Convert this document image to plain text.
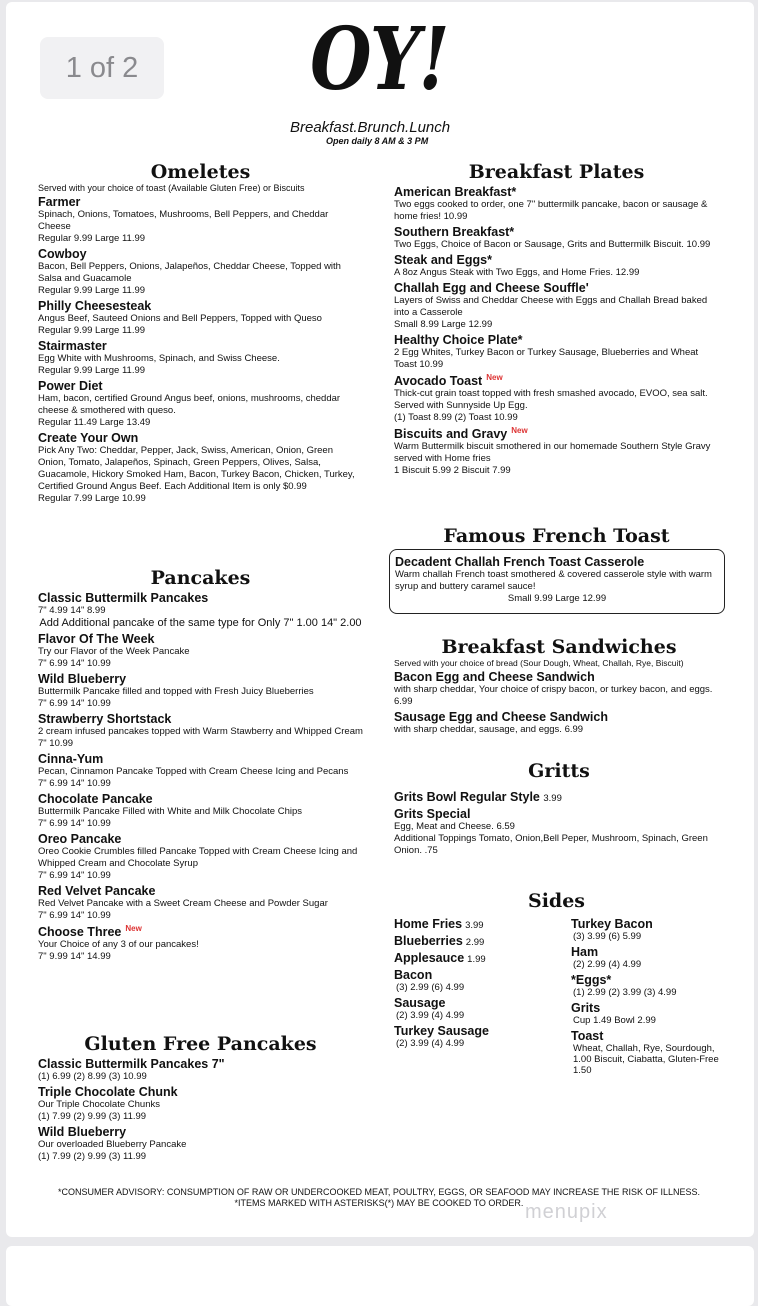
1 of 2	OY!
Breakfast.Brunch.Lunch
Open daily 8 AM & 3 PM
Omeletes

Served with your choice of toast (Available Gluten Free) or Biscuits

Farmer
Spinach, Onions, Tomatoes, Mushrooms, Bell Peppers, and Cheddar Cheese
Regular 9.99 Large 11.99
Cowboy
Bacon, Bell Peppers, Onions, Jalapeños, Cheddar Cheese, Topped with Salsa and Guacamole
Regular 9.99 Large 11.99
Philly Cheesesteak
Angus Beef, Sauteed Onions and Bell Peppers, Topped with Queso
Regular 9.99 Large 11.99
Stairmaster
Egg White with Mushrooms, Spinach, and Swiss Cheese.
Regular 9.99 Large 11.99
Power Diet
Ham, bacon, certified Ground Angus beef, onions, mushrooms, cheddar cheese & smothered with queso.
Regular 11.49 Large 13.49
Create Your Own
Pick Any Two: Cheddar, Pepper, Jack, Swiss, American, Onion, Green Onion, Tomato, Jalapeños, Spinach, Green Peppers, Olives, Salsa, Guacamole, Hickory Smoked Ham, Bacon, Turkey Bacon, Chicken, Turkey, Certified Ground Angus Beef. Each Additional Item is only $0.99
Regular 7.99 Large 10.99
Pancakes
Classic Buttermilk Pancakes
7" 4.99 14" 8.99
Add Additional pancake of the same type for Only 7" 1.00 14" 2.00
Flavor Of The Week
Try our Flavor of the Week Pancake
7" 6.99 14" 10.99
Wild Blueberry
Buttermilk Pancake filled and topped with Fresh Juicy Blueberries
7" 6.99 14" 10.99
Strawberry Shortstack
2 cream infused pancakes topped with Warm Stawberry and Whipped Cream
7" 10.99
Cinna-Yum
Pecan, Cinnamon Pancake Topped with Cream Cheese Icing and Pecans
7" 6.99 14" 10.99
Chocolate Pancake
Buttermilk Pancake Filled with White and Milk Chocolate Chips
7" 6.99 14" 10.99
Oreo Pancake
Oreo Cookie Crumbles filled Pancake Topped with Cream Cheese Icing and Whipped Cream and Chocolate Syrup
7" 6.99 14" 10.99
Red Velvet Pancake
Red Velvet Pancake with a Sweet Cream Cheese and Powder Sugar
7" 6.99 14" 10.99
Choose Three $^{New}$
Your Choice of any 3 of our pancakes!
7" 9.99 14" 14.99
Gluten Free Pancakes
Classic Buttermilk Pancakes 7"
(1) 6.99 (2) 8.99 (3) 10.99
Triple Chocolate Chunk
Our Triple Chocolate Chunks
(1) 7.99 (2) 9.99 (3) 11.99
Wild Blueberry
Our overloaded Blueberry Pancake
(1) 7.99 (2) 9.99 (3) 11.99
Breakfast Plates
American Breakfast*
Two eggs cooked to order, one 7" buttermilk pancake, bacon or sausage & home fries! 10.99
Southern Breakfast*
Two Eggs, Choice of Bacon or Sausage, Grits and Buttermilk Biscuit. 10.99
Steak and Eggs*
A 8oz Angus Steak with Two Eggs, and Home Fries. 12.99
Challah Egg and Cheese Souffle'
Layers of Swiss and Cheddar Cheese with Eggs and Challah Bread baked into a Casserole
Small 8.99 Large 12.99
Healthy Choice Plate*
2 Egg Whites, Turkey Bacon or Turkey Sausage, Blueberries and Wheat Toast 10.99
Avocado Toast $^{New}$
Thick-cut grain toast topped with fresh smashed avocado, EVOO, sea salt. Served with Sunnyside Up Egg.
(1) Toast 8.99 (2) Toast 10.99
Biscuits and Gravy $^{New}$
Warm Buttermilk biscuit smothered in our homemade Southern Style Gravy served with Home fries
1 Biscuit 5.99 2 Biscuit 7.99
Famous French Toast
Decadent Challah French Toast Casserole
Warm challah French toast smothered & covered casserole style with warm syrup and buttery caramel sauce!
Small 9.99 Large 12.99
Breakfast Sandwiches

Served with your choice of bread (Sour Dough, Wheat, Challah, Rye, Biscuit)

Bacon Egg and Cheese Sandwich
with sharp cheddar, Your choice of crispy bacon, or turkey bacon, and eggs. 6.99
Sausage Egg and Cheese Sandwich
with sharp cheddar, sausage, and eggs. 6.99
Gritts
Grits Bowl Regular Style 3.99
Grits Special
Egg, Meat and Cheese. 6.59
Additional Toppings Tomato, Onion,Bell Peper, Mushroom, Spinach, Green Onion. .75
Sides
Home Fries 3.99
Blueberries 2.99
Applesauce 1.99
Bacon
(3) 2.99 (6) 4.99
Sausage
(2) 3.99 (4) 4.99
Turkey Sausage
(2) 3.99 (4) 4.99
Turkey Bacon
(3) 3.99 (6) 5.99
Ham
(2) 2.99 (4) 4.99
*Eggs*
(1) 2.99 (2) 3.99 (3) 4.99
Grits
Cup 1.49 Bowl 2.99
Toast
Wheat, Challah, Rye, Sourdough, 1.00 Biscuit, Ciabatta, Gluten-Free 1.50
*CONSUMER ADVISORY: CONSUMPTION OF RAW OR UNDERCOOKED MEAT, POULTRY, EGGS, OR SEAFOOD MAY INCREASE THE RISK OF ILLNESS.
*ITEMS MARKED WITH ASTERISKS(*) MAY BE COOKED TO ORDER. menupix
